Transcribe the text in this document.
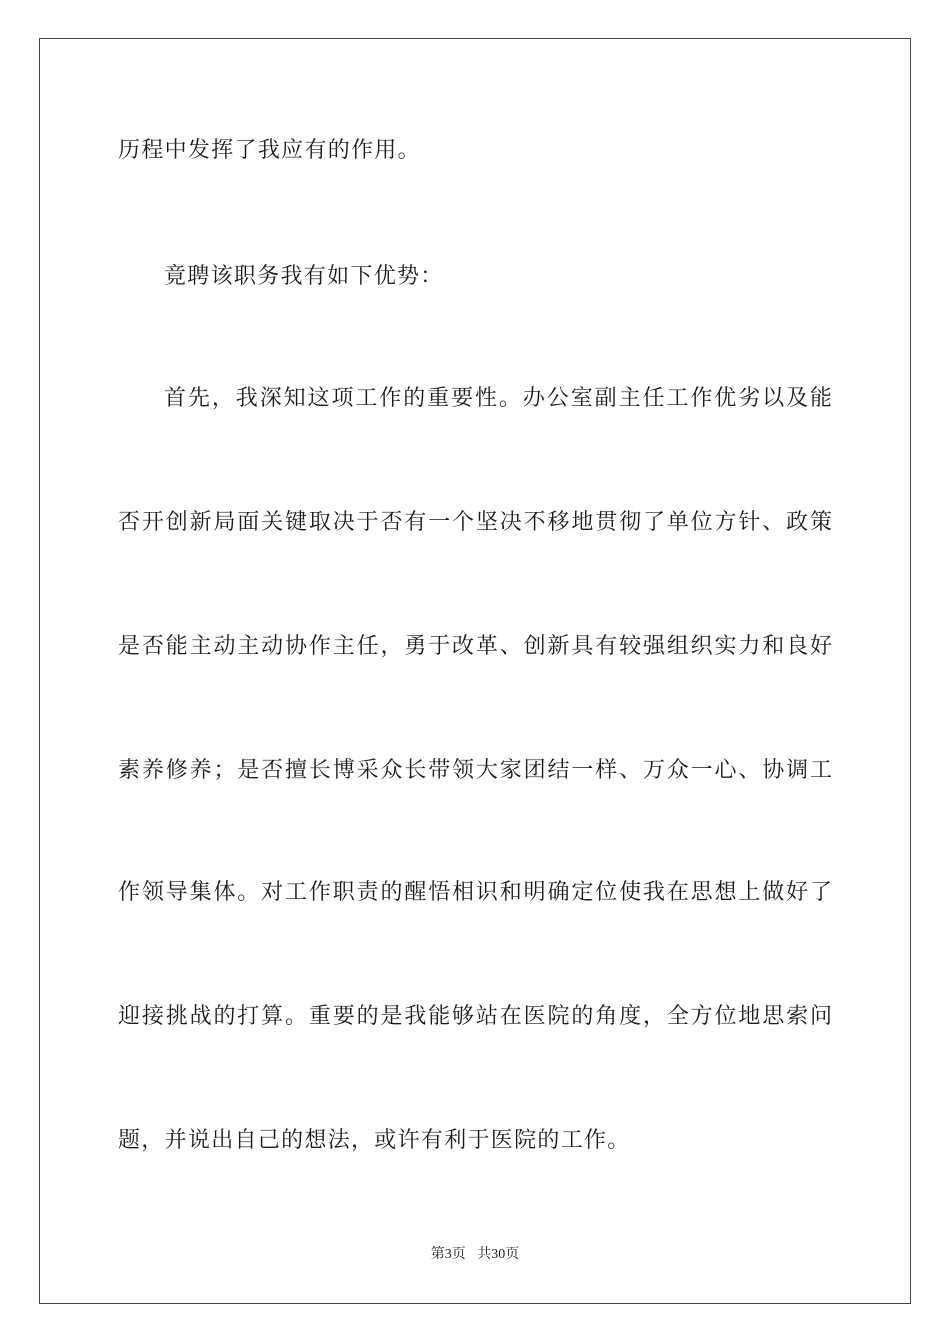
历程中发挥了我应有的作用。
竟聘该职务我有如下优势：
首先，我深知这项工作的重要性。办公室副主任工作优劣以及能
否开创新局面关键取决于否有一个坚决不移地贯彻了单位方针、政策
是否能主动主动协作主任，勇于改革、创新具有较强组织实力和良好
素养修养；是否擅长博采众长带领大家团结一样、万众一心、协调工
作领导集体。对工作职责的醒悟相识和明确定位使我在思想上做好了
迎接挑战的打算。重要的是我能够站在医院的角度，全方位地思索问
题，并说出自己的想法，或许有利于医院的工作。
第3页 共30页
